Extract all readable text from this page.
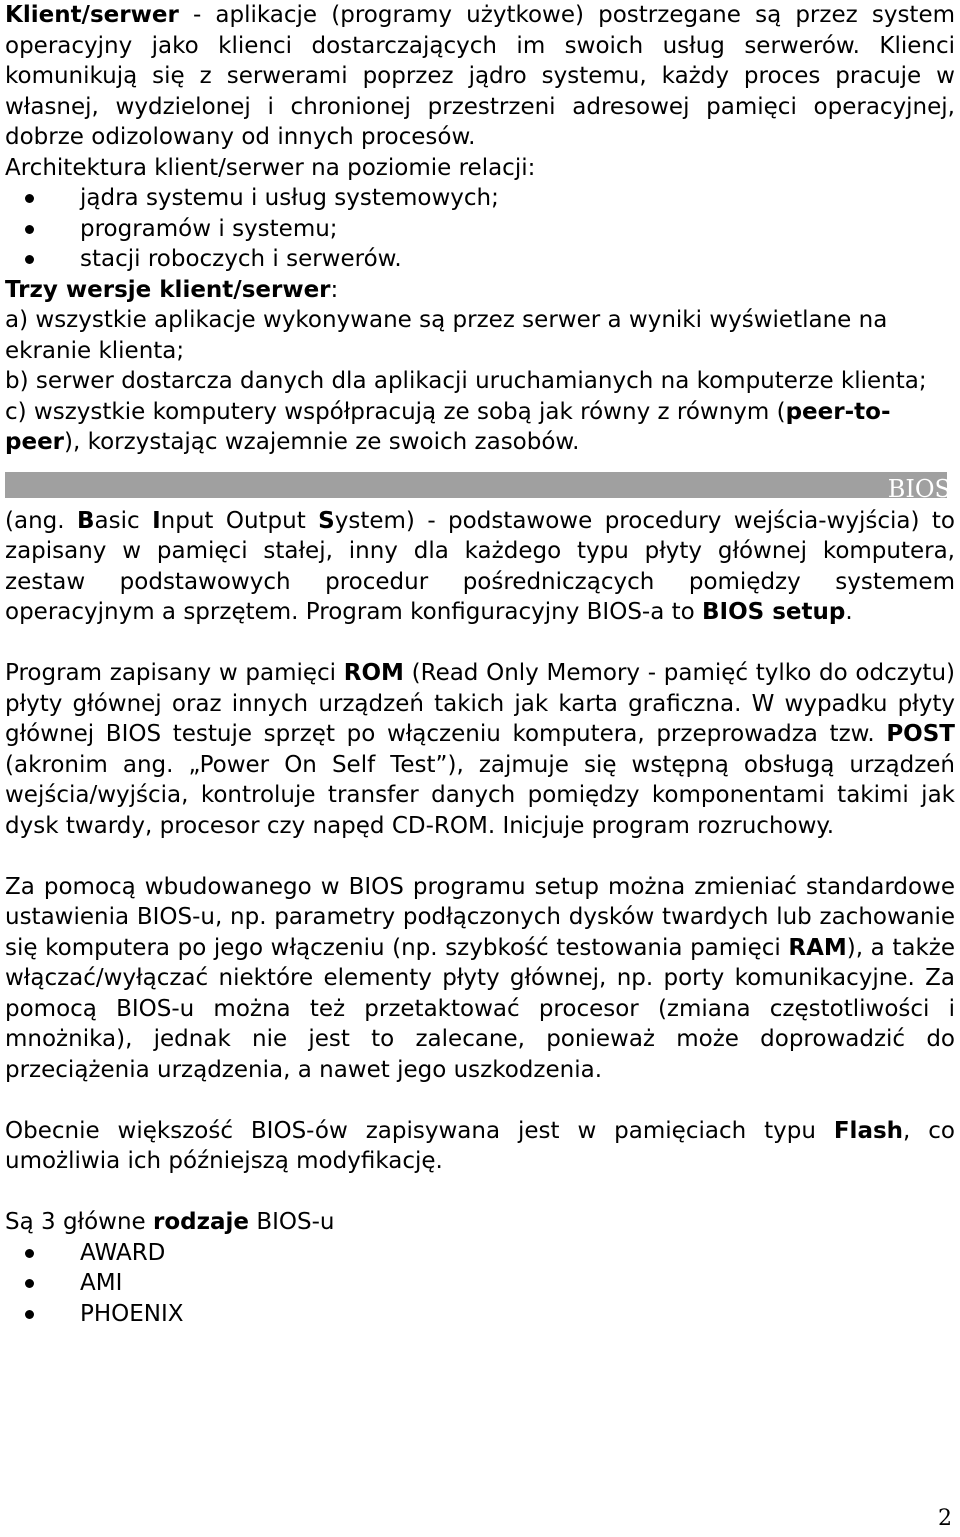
Klient/serwer - aplikacje (programy użytkowe) postrzegane są przez system operacyjny jako klienci dostarczających im swoich usług serwerów. Klienci komunikują się z serwerami poprzez jądro systemu, każdy proces pracuje w własnej, wydzielonej i chronionej przestrzeni adresowej pamięci operacyjnej, dobrze odizolowany od innych procesów.

Architektura klient/serwer na poziomie relacji:

jądra systemu i usług systemowych;
programów i systemu;
stacji roboczych i serwerów.

Trzy wersje klient/serwer:

a) wszystkie aplikacje wykonywane są przez serwer a wyniki wyświetlane na ekranie klienta;

b) serwer dostarcza danych dla aplikacji uruchamianych na komputerze klienta;

c) wszystkie komputery współpracują ze sobą jak równy z równym (peer-to-peer), korzystając wzajemnie ze swoich zasobów.

BIOS

(ang. Basic Input Output System) - podstawowe procedury wejścia-wyjścia) to zapisany w pamięci stałej, inny dla każdego typu płyty głównej komputera, zestaw podstawowych procedur pośredniczących pomiędzy systemem operacyjnym a sprzętem. Program konfiguracyjny BIOS-a to BIOS setup.

Program zapisany w pamięci ROM (Read Only Memory - pamięć tylko do odczytu) płyty głównej oraz innych urządzeń takich jak karta graficzna. W wypadku płyty głównej BIOS testuje sprzęt po włączeniu komputera, przeprowadza tzw. POST (akronim ang. „Power On Self Test”), zajmuje się wstępną obsługą urządzeń wejścia/wyjścia, kontroluje transfer danych pomiędzy komponentami takimi jak dysk twardy, procesor czy napęd CD-ROM. Inicjuje program rozruchowy.

Za pomocą wbudowanego w BIOS programu setup można zmieniać standardowe ustawienia BIOS-u, np. parametry podłączonych dysków twardych lub zachowanie się komputera po jego włączeniu (np. szybkość testowania pamięci RAM), a także włączać/wyłączać niektóre elementy płyty głównej, np. porty komunikacyjne. Za pomocą BIOS-u można też przetaktować procesor (zmiana częstotliwości i mnożnika), jednak nie jest to zalecane, ponieważ może doprowadzić do przeciążenia urządzenia, a nawet jego uszkodzenia.

Obecnie większość BIOS-ów zapisywana jest w pamięciach typu Flash, co umożliwia ich późniejszą modyfikację.

Są 3 główne rodzaje BIOS-u

AWARD
AMI
PHOENIX
2
